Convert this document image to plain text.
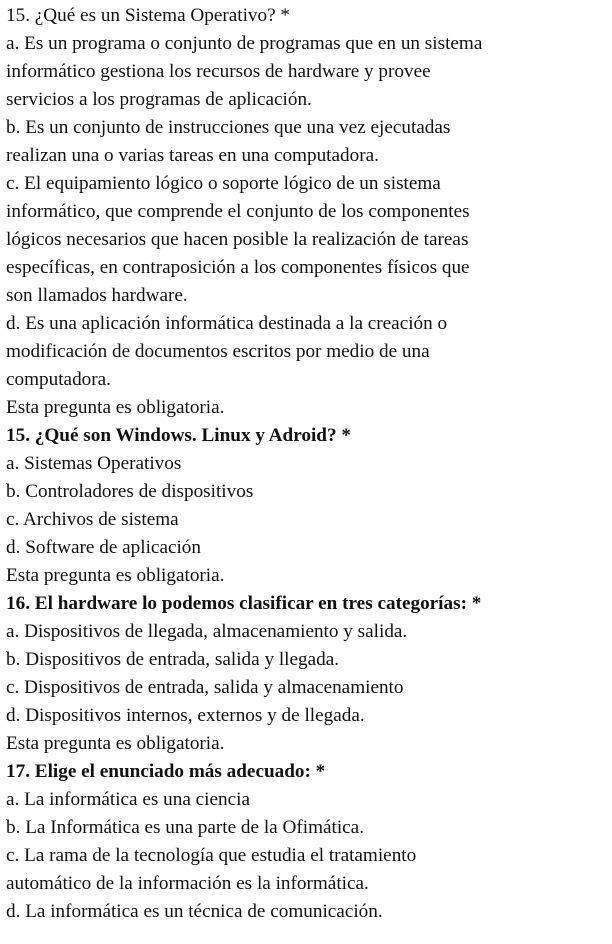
15. ¿Qué es un Sistema Operativo? *

a. Es un programa o conjunto de programas que en un sistema

informático gestiona los recursos de hardware y provee

servicios a los programas de aplicación.

b. Es un conjunto de instrucciones que una vez ejecutadas

realizan una o varias tareas en una computadora.

c. El equipamiento lógico o soporte lógico de un sistema

informático, que comprende el conjunto de los componentes

lógicos necesarios que hacen posible la realización de tareas

específicas, en contraposición a los componentes físicos que

son llamados hardware.

d. Es una aplicación informática destinada a la creación o

modificación de documentos escritos por medio de una

computadora.

Esta pregunta es obligatoria.

15. ¿Qué son Windows. Linux y Adroid? *

a. Sistemas Operativos

b. Controladores de dispositivos

c. Archivos de sistema

d. Software de aplicación

Esta pregunta es obligatoria.

16. El hardware lo podemos clasificar en tres categorías: *

a. Dispositivos de llegada, almacenamiento y salida.

b. Dispositivos de entrada, salida y llegada.

c. Dispositivos de entrada, salida y almacenamiento

d. Dispositivos internos, externos y de llegada.

Esta pregunta es obligatoria.

17. Elige el enunciado más adecuado: *

a. La informática es una ciencia

b. La Informática es una parte de la Ofimática.

c. La rama de la tecnología que estudia el tratamiento

automático de la información es la informática.

d. La informática es un técnica de comunicación.
